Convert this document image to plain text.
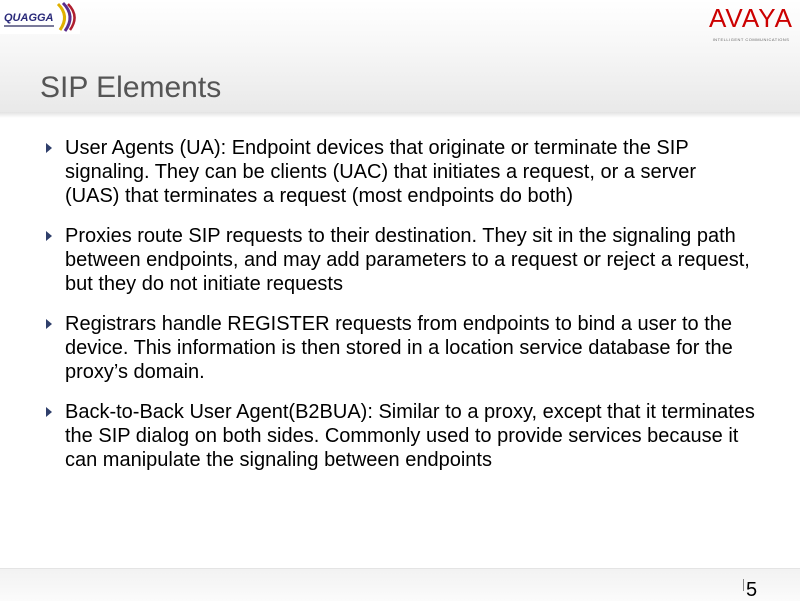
QUAGGA	AVAYA
INTELLIGENT COMMUNICATIONS
SIP Elements
User Agents (UA): Endpoint devices that originate or terminate the SIP signaling. They can be clients (UAC) that initiates a request, or a server (UAS) that terminates a request (most endpoints do both)
Proxies route SIP requests to their destination. They sit in the signaling path between endpoints, and may add parameters to a request or reject a request, but they do not initiate requests
Registrars handle REGISTER requests from endpoints to bind a user to the device. This information is then stored in a location service database for the proxy’s domain.
Back-to-Back User Agent(B2BUA): Similar to a proxy, except that it terminates the SIP dialog on both sides. Commonly used to provide services because it can manipulate the signaling between endpoints
5
